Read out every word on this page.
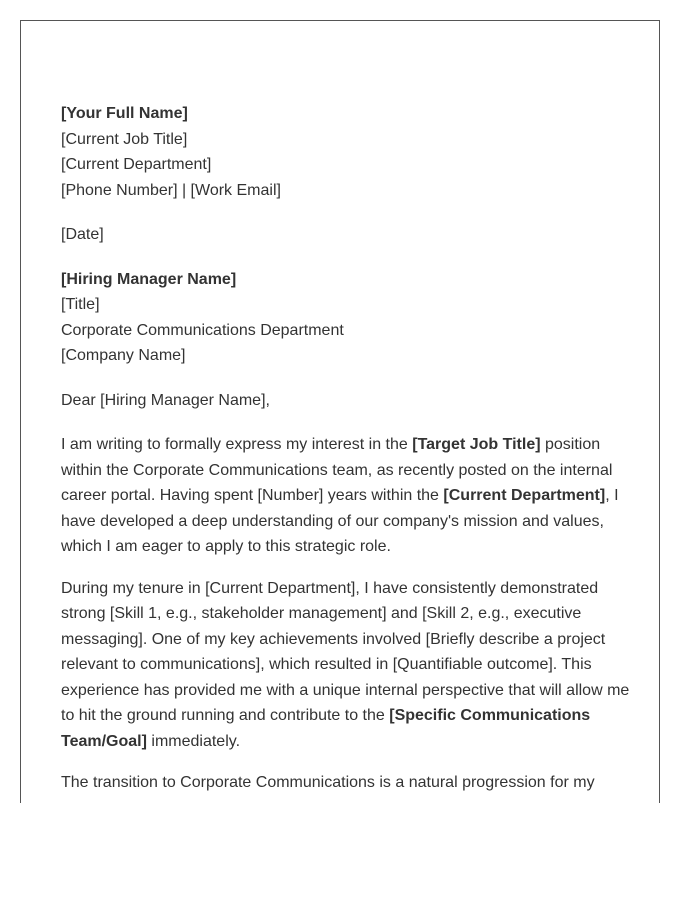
[Your Full Name]
[Current Job Title]
[Current Department]
[Phone Number] | [Work Email]
[Date]
[Hiring Manager Name]
[Title]
Corporate Communications Department
[Company Name]
Dear [Hiring Manager Name],

I am writing to formally express my interest in the [Target Job Title] position within the Corporate Communications team, as recently posted on the internal career portal. Having spent [Number] years within the [Current Department], I have developed a deep understanding of our company's mission and values, which I am eager to apply to this strategic role.

During my tenure in [Current Department], I have consistently demonstrated strong [Skill 1, e.g., stakeholder management] and [Skill 2, e.g., executive messaging]. One of my key achievements involved [Briefly describe a project relevant to communications], which resulted in [Quantifiable outcome]. This experience has provided me with a unique internal perspective that will allow me to hit the ground running and contribute to the [Specific Communications Team/Goal] immediately.

The transition to Corporate Communications is a natural progression for my
